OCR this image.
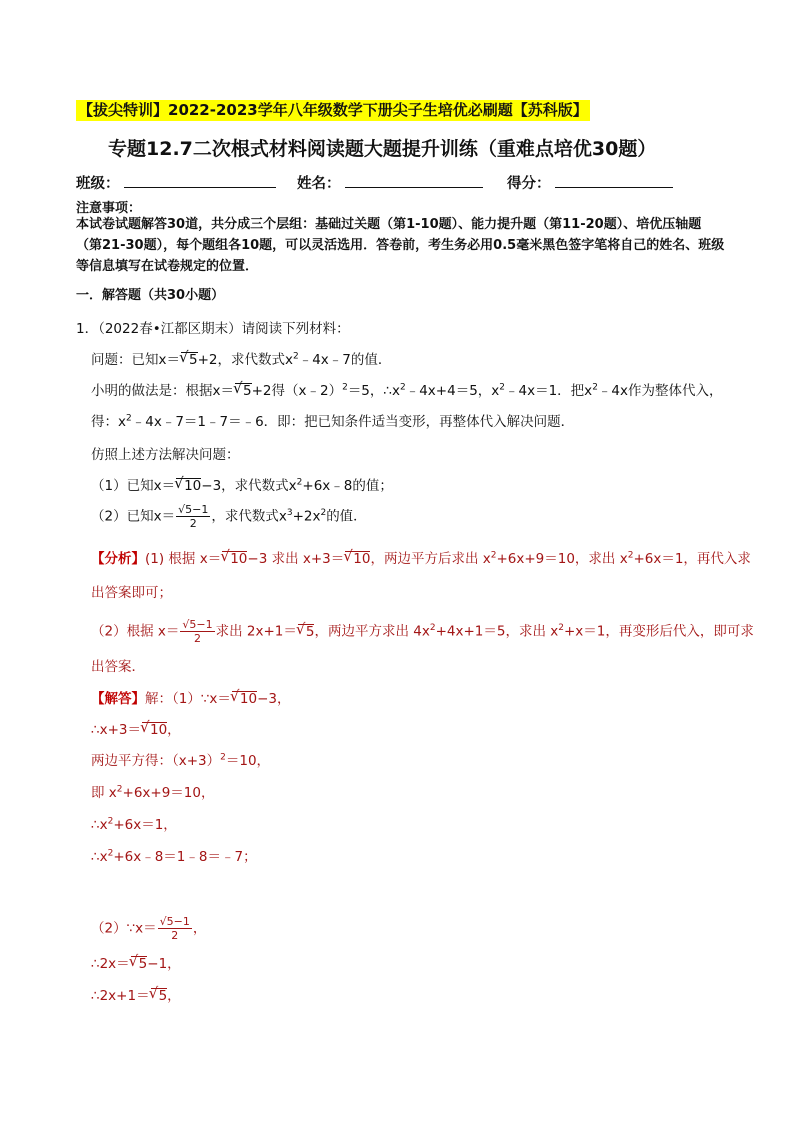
【拔尖特训】2022-2023学年八年级数学下册尖子生培优必刷题【苏科版】
专题12.7二次根式材料阅读题大题提升训练（重难点培优30题）
班级：	姓名：	得分：
注意事项：
本试卷试题解答30道，共分成三个层组：基础过关题（第1-10题）、能力提升题（第11-20题）、培优压轴题（第21-30题），每个题组各10题，可以灵活选用．答卷前，考生务必用0.5毫米黑色签字笔将自己的姓名、班级等信息填写在试卷规定的位置．
一．解答题（共30小题）
1．（2022春•江都区期末）请阅读下列材料：
问题：已知x＝ √ 5+2，求代数式$x^2﹣4x﹣7$的值．
小明的做法是：根据x＝ √ 5+2得（x﹣2）$^2$＝5，$\therefore x^2﹣4x+4=5$，$x^2﹣4x=1$．把$x^2﹣4x$作为整体代入，
得：$x^2﹣4x﹣7=1﹣7=﹣6$．即：把已知条件适当变形，再整体代入解决问题．
仿照上述方法解决问题：
（1）已知x＝ √ 10−3，求代数式$x^2+6x﹣8$的值；
（2）已知$x= \frac{√5-1}{2}$ ，求代数式$x^3+2x^2$的值．
【分析】(1) 根据 x＝ √ 10−3 求出 x+3＝ √ 10，两边平方后求出 $x^2+6x+9=10$，求出 $x^2+6x=1$，再代入求
出答案即可；
（2）根据 $x= \frac{√5-1}{2}$ 求出 2x+1＝ √ 5，两边平方求出 $4x^2+4x+1=5$，求出 $x^2+x=1$，再变形后代入，即可求
出答案．
【解答】解：（1）∵x＝ √ 10−3，
∴x+3＝ √ 10，
两边平方得：$(x+3)^2=10$，
即 $x^2+6x+9=10$，
$\therefore x^2+6x=1$，
$\therefore x^2+6x﹣8=1﹣8=﹣7$；
（2）∵x＝ $\frac{√5-1}{2}$ ，
∴2x＝ √ 5−1，
∴2x+1＝ √ 5，
